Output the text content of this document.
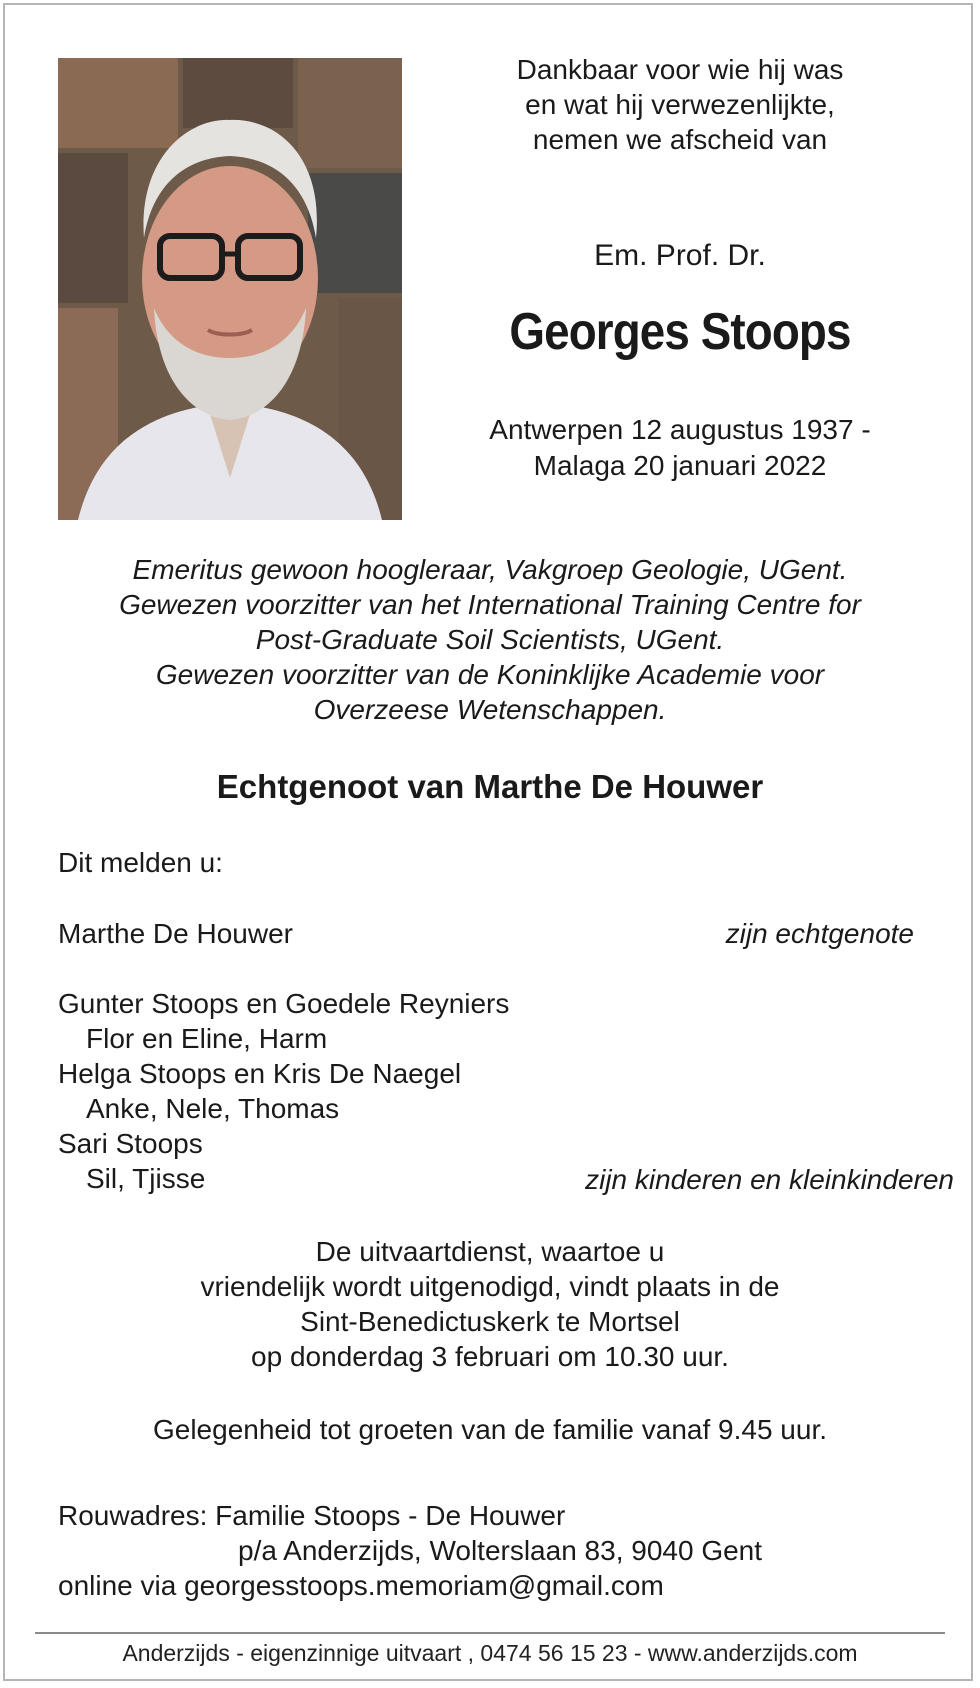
Dankbaar voor wie hij was
en wat hij verwezenlijkte,
nemen we afscheid van
Em. Prof. Dr.
Georges Stoops
Antwerpen 12 augustus 1937 -
Malaga 20 januari 2022
Emeritus gewoon hoogleraar, Vakgroep Geologie, UGent.
Gewezen voorzitter van het International Training Centre for
Post-Graduate Soil Scientists, UGent.
Gewezen voorzitter van de Koninklijke Academie voor
Overzeese Wetenschappen.
Echtgenoot van Marthe De Houwer
Dit melden u:
Marthe De Houwer	zijn echtgenote
Gunter Stoops en Goedele Reyniers
Flor en Eline, Harm
Helga Stoops en Kris De Naegel
Anke, Nele, Thomas
Sari Stoops
Sil, Tjisse	zijn kinderen en kleinkinderen
De uitvaartdienst, waartoe u
vriendelijk wordt uitgenodigd, vindt plaats in de
Sint-Benedictuskerk te Mortsel
op donderdag 3 februari om 10.30 uur.
Gelegenheid tot groeten van de familie vanaf 9.45 uur.
Rouwadres: Familie Stoops - De Houwer
p/a Anderzijds, Wolterslaan 83, 9040 Gent
online via georgesstoops.memoriam@gmail.com
Anderzijds - eigenzinnige uitvaart , 0474 56 15 23 - www.anderzijds.com
